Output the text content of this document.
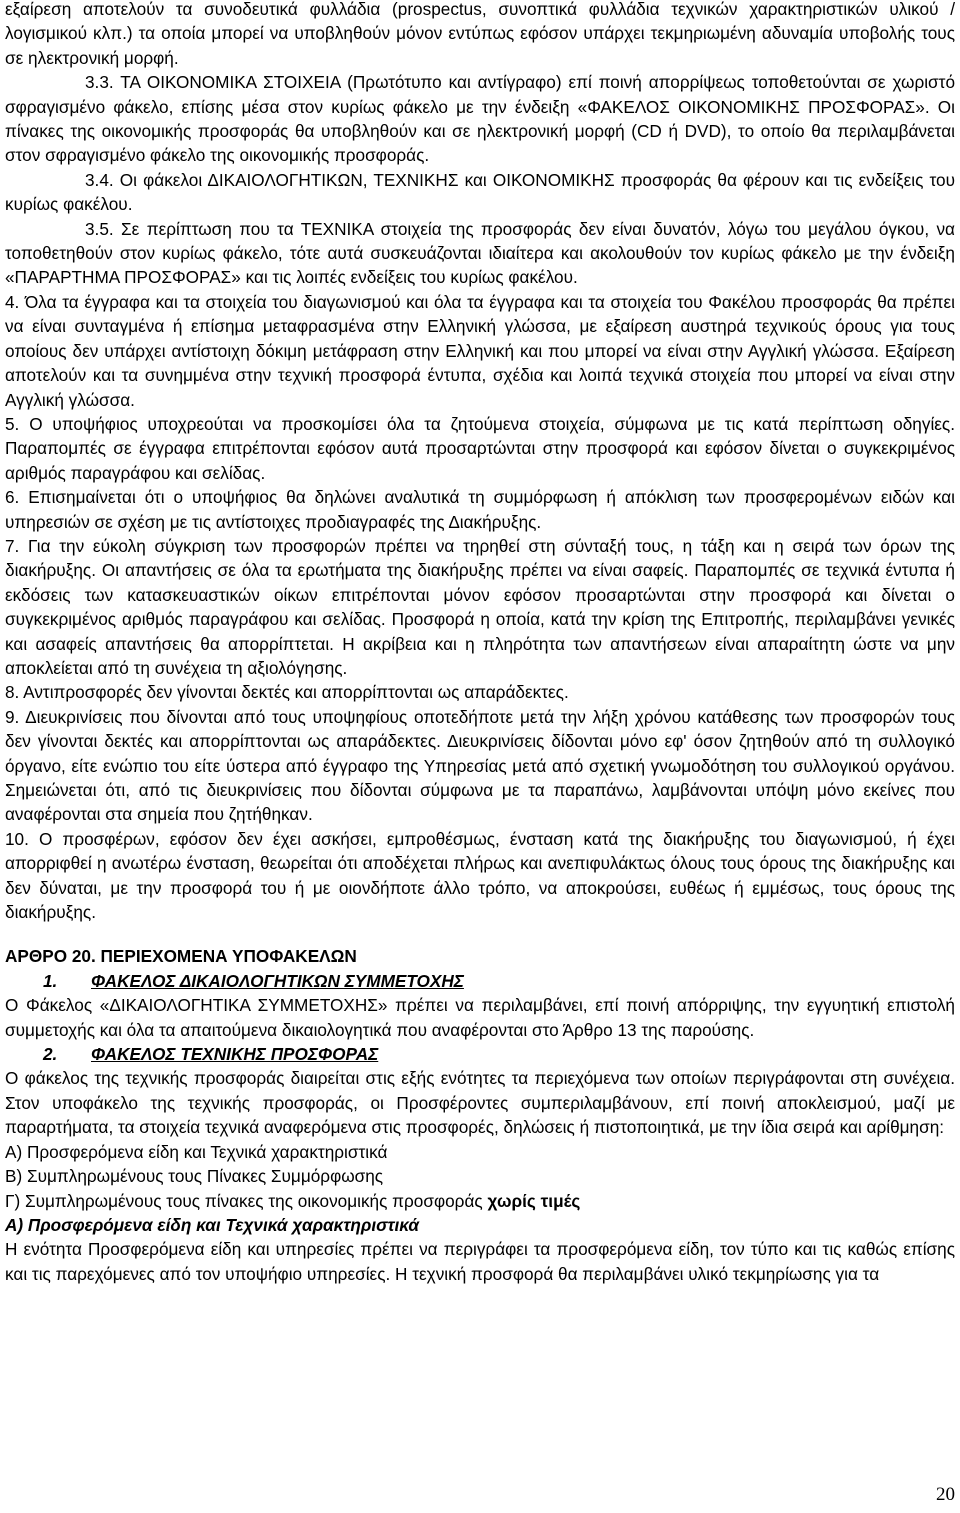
εξαίρεση αποτελούν τα συνοδευτικά φυλλάδια (prospectus, συνοπτικά φυλλάδια τεχνικών χαρακτηριστικών υλικού / λογισμικού κλπ.) τα οποία μπορεί να υποβληθούν μόνον εντύπως εφόσον υπάρχει τεκμηριωμένη αδυναμία υποβολής τους σε ηλεκτρονική μορφή.

3.3. ΤΑ ΟΙΚΟΝΟΜΙΚΑ ΣΤΟΙΧΕΙΑ (Πρωτότυπο και αντίγραφο) επί ποινή απορρίψεως τοποθετούνται σε χωριστό σφραγισμένο φάκελο, επίσης μέσα στον κυρίως φάκελο με την ένδειξη «ΦΑΚΕΛΟΣ ΟΙΚΟΝΟΜΙΚΗΣ ΠΡΟΣΦΟΡΑΣ». Οι πίνακες της οικονομικής προσφοράς θα υποβληθούν και σε ηλεκτρονική μορφή (CD ή DVD), το οποίο θα περιλαμβάνεται στον σφραγισμένο φάκελο της οικονομικής προσφοράς.

3.4. Οι φάκελοι ΔΙΚΑΙΟΛΟΓΗΤΙΚΩΝ, ΤΕΧΝΙΚΗΣ και ΟΙΚΟΝΟΜΙΚΗΣ προσφοράς θα φέρουν και τις ενδείξεις του κυρίως φακέλου.

3.5. Σε περίπτωση που τα ΤΕΧΝΙΚΑ στοιχεία της προσφοράς δεν είναι δυνατόν, λόγω του μεγάλου όγκου, να τοποθετηθούν στον κυρίως φάκελο, τότε αυτά συσκευάζονται ιδιαίτερα και ακολουθούν τον κυρίως φάκελο με την ένδειξη «ΠΑΡΑΡΤΗΜΑ ΠΡΟΣΦΟΡΑΣ» και τις λοιπές ενδείξεις του κυρίως φακέλου.

4. Όλα τα έγγραφα και τα στοιχεία του διαγωνισμού και όλα τα έγγραφα και τα στοιχεία του Φακέλου προσφοράς θα πρέπει να είναι συνταγμένα ή επίσημα μεταφρασμένα στην Ελληνική γλώσσα, με εξαίρεση αυστηρά τεχνικούς όρους για τους οποίους δεν υπάρχει αντίστοιχη δόκιμη μετάφραση στην Ελληνική και που μπορεί να είναι στην Αγγλική γλώσσα. Εξαίρεση αποτελούν και τα συνημμένα στην τεχνική προσφορά έντυπα, σχέδια και λοιπά τεχνικά στοιχεία που μπορεί να είναι στην Αγγλική γλώσσα.

5. Ο υποψήφιος υποχρεούται να προσκομίσει όλα τα ζητούμενα στοιχεία, σύμφωνα με τις κατά περίπτωση οδηγίες. Παραπομπές σε έγγραφα επιτρέπονται εφόσον αυτά προσαρτώνται στην προσφορά και εφόσον δίνεται ο συγκεκριμένος αριθμός παραγράφου και σελίδας.

6. Επισημαίνεται ότι ο υποψήφιος θα δηλώνει αναλυτικά τη συμμόρφωση ή απόκλιση των προσφερομένων ειδών και υπηρεσιών σε σχέση με τις αντίστοιχες προδιαγραφές της Διακήρυξης.

7. Για την εύκολη σύγκριση των προσφορών πρέπει να τηρηθεί στη σύνταξή τους, η τάξη και η σειρά των όρων της διακήρυξης. Οι απαντήσεις σε όλα τα ερωτήματα της διακήρυξης πρέπει να είναι σαφείς. Παραπομπές σε τεχνικά έντυπα ή εκδόσεις των κατασκευαστικών οίκων επιτρέπονται μόνον εφόσον προσαρτώνται στην προσφορά και δίνεται ο συγκεκριμένος αριθμός παραγράφου και σελίδας. Προσφορά η οποία, κατά την κρίση της Επιτροπής, περιλαμβάνει γενικές και ασαφείς απαντήσεις θα απορρίπτεται. Η ακρίβεια και η πληρότητα των απαντήσεων είναι απαραίτητη ώστε να μην αποκλείεται από τη συνέχεια τη αξιολόγησης.

8. Αντιπροσφορές δεν γίνονται δεκτές και απορρίπτονται ως απαράδεκτες.

9. Διευκρινίσεις που δίνονται από τους υποψηφίους οποτεδήποτε μετά την λήξη χρόνου κατάθεσης των προσφορών τους δεν γίνονται δεκτές και απορρίπτονται ως απαράδεκτες. Διευκρινίσεις δίδονται μόνο εφ' όσον ζητηθούν από τη συλλογικό όργανο, είτε ενώπιο του είτε ύστερα από έγγραφο της Υπηρεσίας μετά από σχετική γνωμοδότηση του συλλογικού οργάνου. Σημειώνεται ότι, από τις διευκρινίσεις που δίδονται σύμφωνα με τα παραπάνω, λαμβάνονται υπόψη μόνο εκείνες που αναφέρονται στα σημεία που ζητήθηκαν.

10. Ο προσφέρων, εφόσον δεν έχει ασκήσει, εμπροθέσμως, ένσταση κατά της διακήρυξης του διαγωνισμού, ή έχει απορριφθεί η ανωτέρω ένσταση, θεωρείται ότι αποδέχεται πλήρως και ανεπιφυλάκτως όλους τους όρους της διακήρυξης και δεν δύναται, με την προσφορά του ή με οιονδήποτε άλλο τρόπο, να αποκρούσει, ευθέως ή εμμέσως, τους όρους της διακήρυξης.

ΑΡΘΡΟ 20. ΠΕΡΙΕΧΟΜΕΝΑ ΥΠΟΦΑΚΕΛΩΝ

1. ΦΑΚΕΛΟΣ ΔΙΚΑΙΟΛΟΓΗΤΙΚΩΝ ΣΥΜΜΕΤΟΧΗΣ

Ο Φάκελος «ΔΙΚΑΙΟΛΟΓΗΤΙΚΑ ΣΥΜΜΕΤΟΧΗΣ» πρέπει να περιλαμβάνει, επί ποινή απόρριψης, την εγγυητική επιστολή συμμετοχής και όλα τα απαιτούμενα δικαιολογητικά που αναφέρονται στο Άρθρο 13 της παρούσης.

2. ΦΑΚΕΛΟΣ ΤΕΧΝΙΚΗΣ ΠΡΟΣΦΟΡΑΣ

Ο φάκελος της τεχνικής προσφοράς διαιρείται στις εξής ενότητες τα περιεχόμενα των οποίων περιγράφονται στη συνέχεια. Στον υποφάκελο της τεχνικής προσφοράς, οι Προσφέροντες συμπεριλαμβάνουν, επί ποινή αποκλεισμού, μαζί με παραρτήματα, τα στοιχεία τεχνικά αναφερόμενα στις προσφορές, δηλώσεις ή πιστοποιητικά, με την ίδια σειρά και αρίθμηση:

Α) Προσφερόμενα είδη και Τεχνικά χαρακτηριστικά

Β) Συμπληρωμένους τους Πίνακες Συμμόρφωσης

Γ) Συμπληρωμένους τους πίνακες της οικονομικής προσφοράς χωρίς τιμές

Α) Προσφερόμενα είδη και Τεχνικά χαρακτηριστικά

Η ενότητα Προσφερόμενα είδη και υπηρεσίες πρέπει να περιγράφει τα προσφερόμενα είδη, τον τύπο και τις καθώς επίσης και τις παρεχόμενες από τον υποψήφιο υπηρεσίες. Η τεχνική προσφορά θα περιλαμβάνει υλικό τεκμηρίωσης για τα

20
